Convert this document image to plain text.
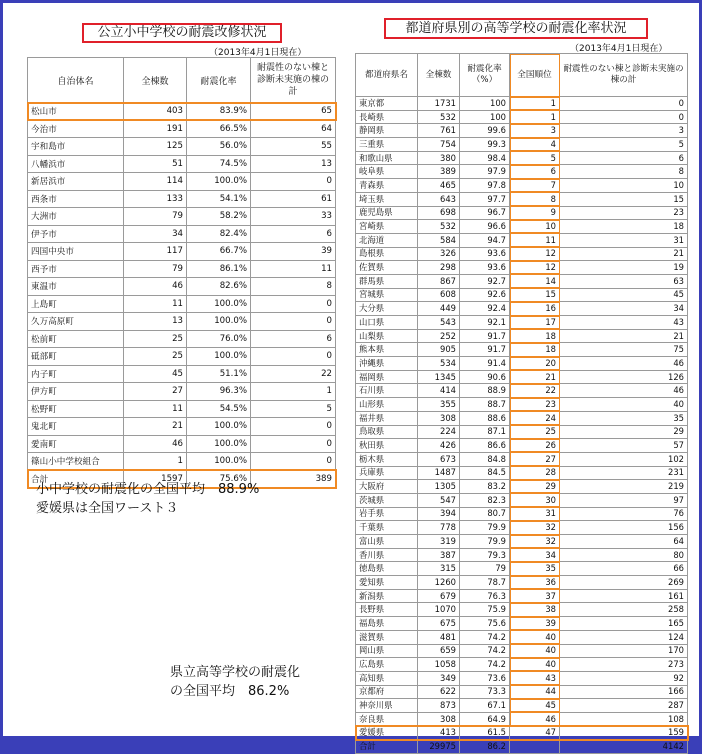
公立小中学校の耐震改修状況
（2013年4月1日現在）
自治体名	全棟数	耐震化率	耐震性のない棟と診断未実施の棟の計
松山市	403	83.9%	65
今治市	191	66.5%	64
宇和島市	125	56.0%	55
八幡浜市	51	74.5%	13
新居浜市	114	100.0%	0
西条市	133	54.1%	61
大洲市	79	58.2%	33
伊予市	34	82.4%	6
四国中央市	117	66.7%	39
西予市	79	86.1%	11
東温市	46	82.6%	8
上島町	11	100.0%	0
久万高原町	13	100.0%	0
松前町	25	76.0%	6
砥部町	25	100.0%	0
内子町	45	51.1%	22
伊方町	27	96.3%	1
松野町	11	54.5%	5
鬼北町	21	100.0%	0
愛南町	46	100.0%	0
篠山小中学校組合	1	100.0%	0
合計	1597	75.6%	389
小中学校の耐震化の全国平均　88.9%
愛媛県は全国ワースト３
県立高等学校の耐震化
の全国平均　86.2%
都道府県別の高等学校の耐震化率状況
（2013年4月1日現在）
都道府県名	全棟数	耐震化率（%）	全国順位	耐震性のない棟と診断未実施の棟の計
東京都	1731	100	1	0
長崎県	532	100	1	0
静岡県	761	99.6	3	3
三重県	754	99.3	4	5
和歌山県	380	98.4	5	6
岐阜県	389	97.9	6	8
青森県	465	97.8	7	10
埼玉県	643	97.7	8	15
鹿児島県	698	96.7	9	23
宮崎県	532	96.6	10	18
北海道	584	94.7	11	31
島根県	326	93.6	12	21
佐賀県	298	93.6	12	19
群馬県	867	92.7	14	63
宮城県	608	92.6	15	45
大分県	449	92.4	16	34
山口県	543	92.1	17	43
山梨県	252	91.7	18	21
熊本県	905	91.7	18	75
沖縄県	534	91.4	20	46
福岡県	1345	90.6	21	126
石川県	414	88.9	22	46
山形県	355	88.7	23	40
福井県	308	88.6	24	35
鳥取県	224	87.1	25	29
秋田県	426	86.6	26	57
栃木県	673	84.8	27	102
兵庫県	1487	84.5	28	231
大阪府	1305	83.2	29	219
茨城県	547	82.3	30	97
岩手県	394	80.7	31	76
千葉県	778	79.9	32	156
富山県	319	79.9	32	64
香川県	387	79.3	34	80
徳島県	315	79	35	66
愛知県	1260	78.7	36	269
新潟県	679	76.3	37	161
長野県	1070	75.9	38	258
福島県	675	75.6	39	165
滋賀県	481	74.2	40	124
岡山県	659	74.2	40	170
広島県	1058	74.2	40	273
高知県	349	73.6	43	92
京都府	622	73.3	44	166
神奈川県	873	67.1	45	287
奈良県	308	64.9	46	108
愛媛県	413	61.5	47	159
合計	29975	86.2		4142
